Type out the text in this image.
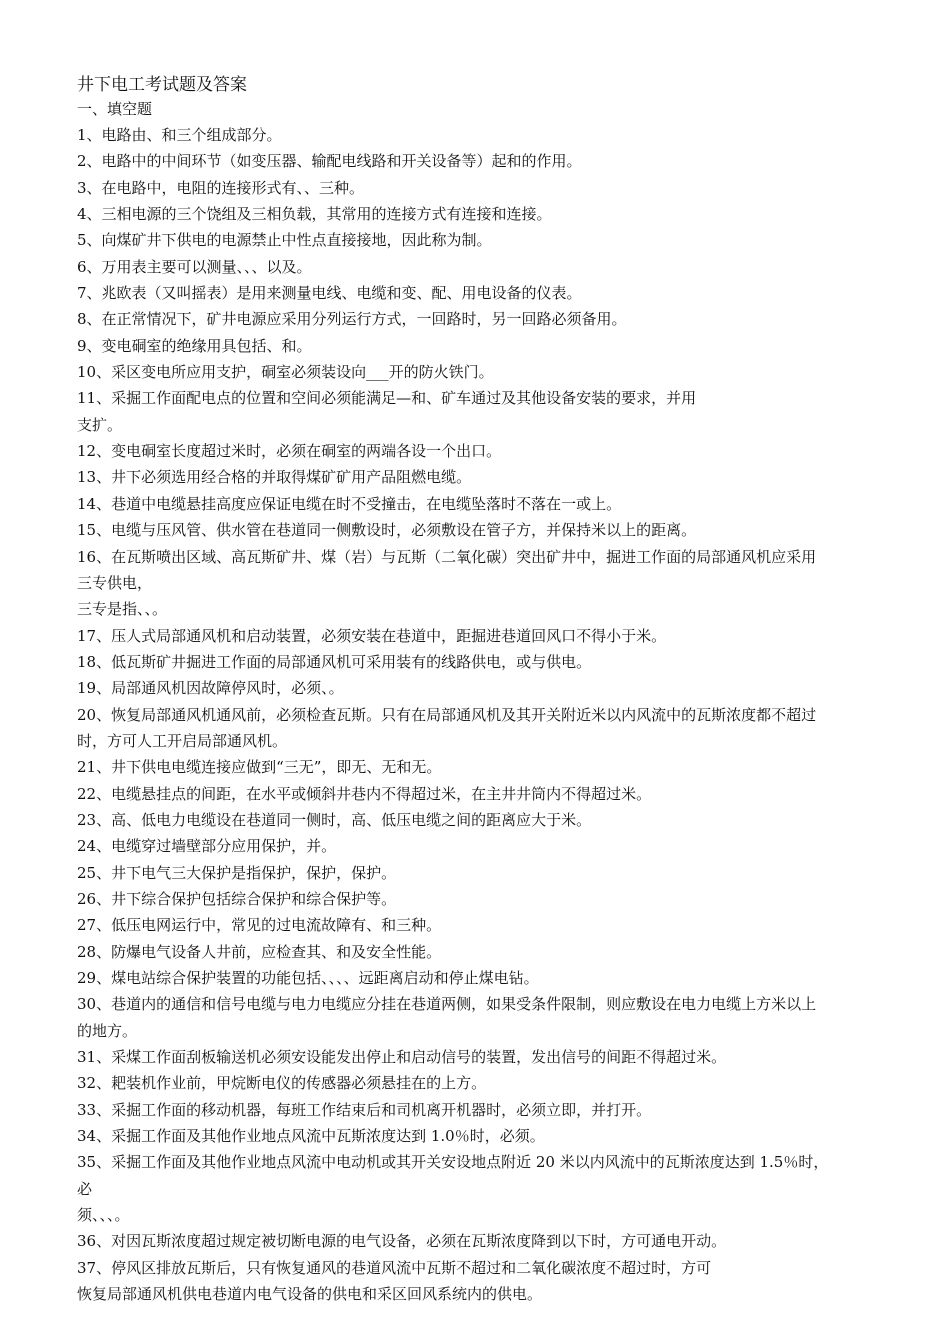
井下电工考试题及答案
一、填空题
1、电路由、和三个组成部分。
2、电路中的中间环节（如变压器、输配电线路和开关设备等）起和的作用。
3、在电路中，电阻的连接形式有、、三种。
4、三相电源的三个饶组及三相负载，其常用的连接方式有连接和连接。
5、向煤矿井下供电的电源禁止中性点直接接地，因此称为制。
6、万用表主要可以测量、、、以及。
7、兆欧表（又叫摇表）是用来测量电线、电缆和变、配、用电设备的仪表。
8、在正常情况下，矿井电源应采用分列运行方式，一回路时，另一回路必须备用。
9、变电硐室的绝缘用具包括、和。
10、采区变电所应用支护，硐室必须装设向___开的防火铁门。
11、采掘工作面配电点的位置和空间必须能满足—和、矿车通过及其他设备安装的要求，并用
支扩。
12、变电硐室长度超过米时，必须在硐室的两端各设一个出口。
13、井下必须选用经合格的并取得煤矿矿用产品阻燃电缆。
14、巷道中电缆悬挂高度应保证电缆在时不受撞击，在电缆坠落时不落在一或上。
15、电缆与压风管、供水管在巷道同一侧敷设时，必须敷设在管子方，并保持米以上的距离。
16、在瓦斯喷出区域、高瓦斯矿井、煤（岩）与瓦斯（二氧化碳）突出矿井中，掘进工作面的局部通风机应采用
三专供电，
三专是指、、。
17、压人式局部通风机和启动装置，必须安装在巷道中，距掘进巷道回风口不得小于米。
18、低瓦斯矿井掘进工作面的局部通风机可采用装有的线路供电，或与供电。
19、局部通风机因故障停风时，必须、。
20、恢复局部通风机通风前，必须检查瓦斯。只有在局部通风机及其开关附近米以内风流中的瓦斯浓度都不超过
时，方可人工开启局部通风机。
21、井下供电电缆连接应做到“三无”，即无、无和无。
22、电缆悬挂点的间距，在水平或倾斜井巷内不得超过米，在主井井筒内不得超过米。
23、高、低电力电缆设在巷道同一侧时，高、低压电缆之间的距离应大于米。
24、电缆穿过墙壁部分应用保护，并。
25、井下电气三大保护是指保护，保护，保护。
26、井下综合保护包括综合保护和综合保护等。
27、低压电网运行中，常见的过电流故障有、和三种。
28、防爆电气设备人井前，应检查其、和及安全性能。
29、煤电站综合保护装置的功能包括、、、、远距离启动和停止煤电钻。
30、巷道内的通信和信号电缆与电力电缆应分挂在巷道两侧，如果受条件限制，则应敷设在电力电缆上方米以上
的地方。
31、采煤工作面刮板输送机必须安设能发出停止和启动信号的装置，发出信号的间距不得超过米。
32、耙装机作业前，甲烷断电仪的传感器必须悬挂在的上方。
33、采掘工作面的移动机器，每班工作结束后和司机离开机器时，必须立即，并打开。
34、采掘工作面及其他作业地点风流中瓦斯浓度达到 1.0％时，必须。
35、采掘工作面及其他作业地点风流中电动机或其开关安设地点附近 20 米以内风流中的瓦斯浓度达到 1.5％时，
必
须、、、。
36、对因瓦斯浓度超过规定被切断电源的电气设备，必须在瓦斯浓度降到以下时，方可通电开动。
37、停风区排放瓦斯后，只有恢复通风的巷道风流中瓦斯不超过和二氧化碳浓度不超过时，方可
恢复局部通风机供电巷道内电气设备的供电和采区回风系统内的供电。
